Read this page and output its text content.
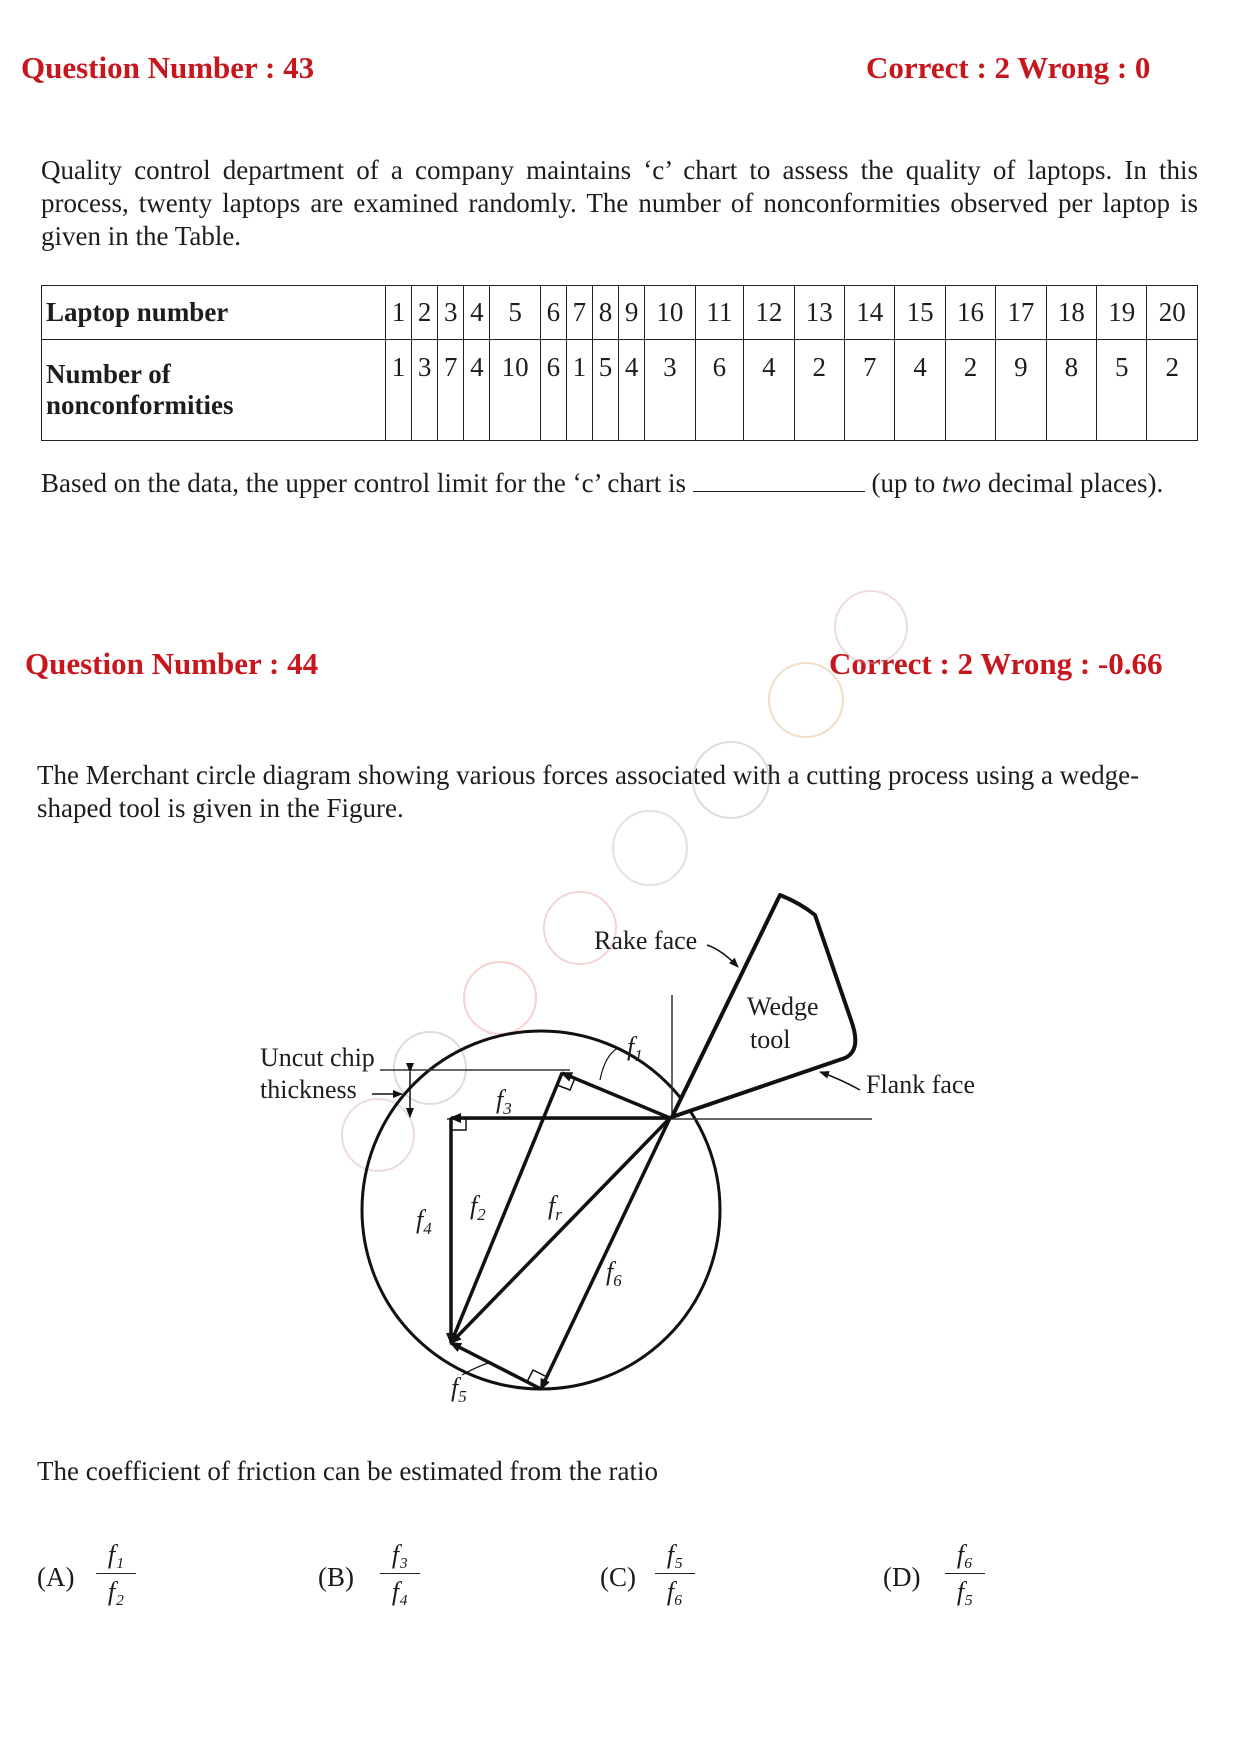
Question Number : 43	Correct : 2 Wrong : 0
Quality control department of a company maintains ‘c’ chart to assess the quality of laptops. In this process, twenty laptops are examined randomly. The number of nonconformities observed per laptop is given in the Table.
Laptop number	1	2	3	4	5	6	7	8	9	10	11	12	13	14	15	16	17	18	19	20

Number of
nonconformities	1	3	7	4	10	6	1	5	4	3	6	4	2	7	4	2	9	8	5	2
Based on the data, the upper control limit for the ‘c’ chart is	(up to two decimal places).
Question Number : 44	Correct : 2 Wrong : -0.66
The Merchant circle diagram showing various forces associated with a cutting process using a wedge-shaped tool is given in the Figure.
Rake face
Wedge
tool
Flank face
Uncut chip
thickness
$f_1$
$f_2$
$f_3$
$f_4$
$f_5$
$f_6$
$f_r$
The coefficient of friction can be estimated from the ratio
$(A) \frac{\text{f₁}}{\text{f₂}}$	$(B) \frac{\text{f₃}}{\text{f₄}}$	$(C) \frac{\text{f₅}}{\text{f₆}}$	$(D) \frac{\text{f₆}}{\text{f₅}}$
